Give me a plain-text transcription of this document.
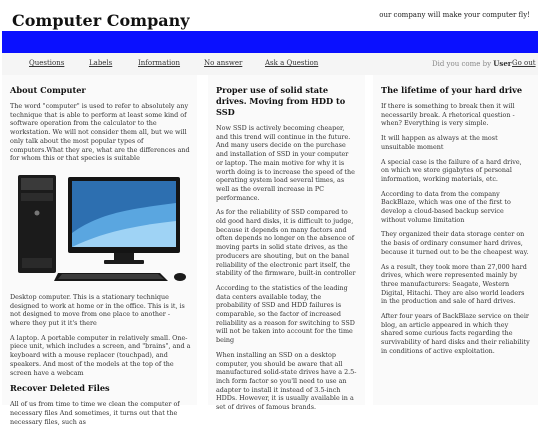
Computer Company	our company will make your computer fly!
Questions	Labels	Information	No answer	Ask a Question	Did you come by User Go out
About Computer

The word "computer" is used to refer to absolutely any technique that is able to perform at least some kind of software operation from the calculator to the workstation. We will not consider them all, but we will only talk about the most popular types of computers.What they are, what are the differences and for whom this or that species is suitable

Desktop computer. This is a stationary technique designed to work at home or in the office. This is it, is not designed to move from one place to another - where they put it it's there

A laptop. A portable computer in relatively small. One-piece unit, which includes a screen, and "brains", and a keyboard with a mouse replacer (touchpad), and speakers. And most of the models at the top of the screen have a webcam

Recover Deleted Files

All of us from time to time we clean the computer of necessary files And sometimes, it turns out that the necessary files, such as

Proper use of solid state drives. Moving from HDD to SSD

Now SSD is actively becoming cheaper, and this trend will continue in the future. And many users decide on the purchase and installation of SSD in your computer or laptop. The main motive for why it is worth doing is to increase the speed of the operating system load several times, as well as the overall increase in PC performance.

As for the reliability of SSD compared to old good hard disks, it is difficult to judge, because it depends on many factors and often depends no longer on the absence of moving parts in solid state drives, as the producers are shouting, but on the banal reliability of the electronic part itself, the stability of the firmware, built-in controller

According to the statistics of the leading data centers available today, the probability of SSD and HDD failures is comparable, so the factor of increased reliability as a reason for switching to SSD will not be taken into account for the time being

When installing an SSD on a desktop computer, you should be aware that all manufactured solid-state drives have a 2.5-inch form factor so you'll need to use an adapter to install it instead of 3.5-inch HDDs. However, it is usually available in a set of drives of famous brands.

The lifetime of your hard drive

If there is something to break then it will necessarily break. A rhetorical question - when? Everything is very simple.

It will happen as always at the most unsuitable moment

A special case is the failure of a hard drive, on which we store gigabytes of personal information, working materials, etc.

According to data from the company BackBlaze, which was one of the first to develop a cloud-based backup service without volume limitation

They organized their data storage center on the basis of ordinary consumer hard drives, because it turned out to be the cheapest way.

As a result, they took more than 27,000 hard drives, which were represented mainly by three manufacturers: Seagate, Western Digital, Hitachi. They are also world leaders in the production and sale of hard drives.

After four years of BackBlaze service on their blog, an article appeared in which they shared some curious facts regarding the survivability of hard disks and their reliability in conditions of active exploitation.
